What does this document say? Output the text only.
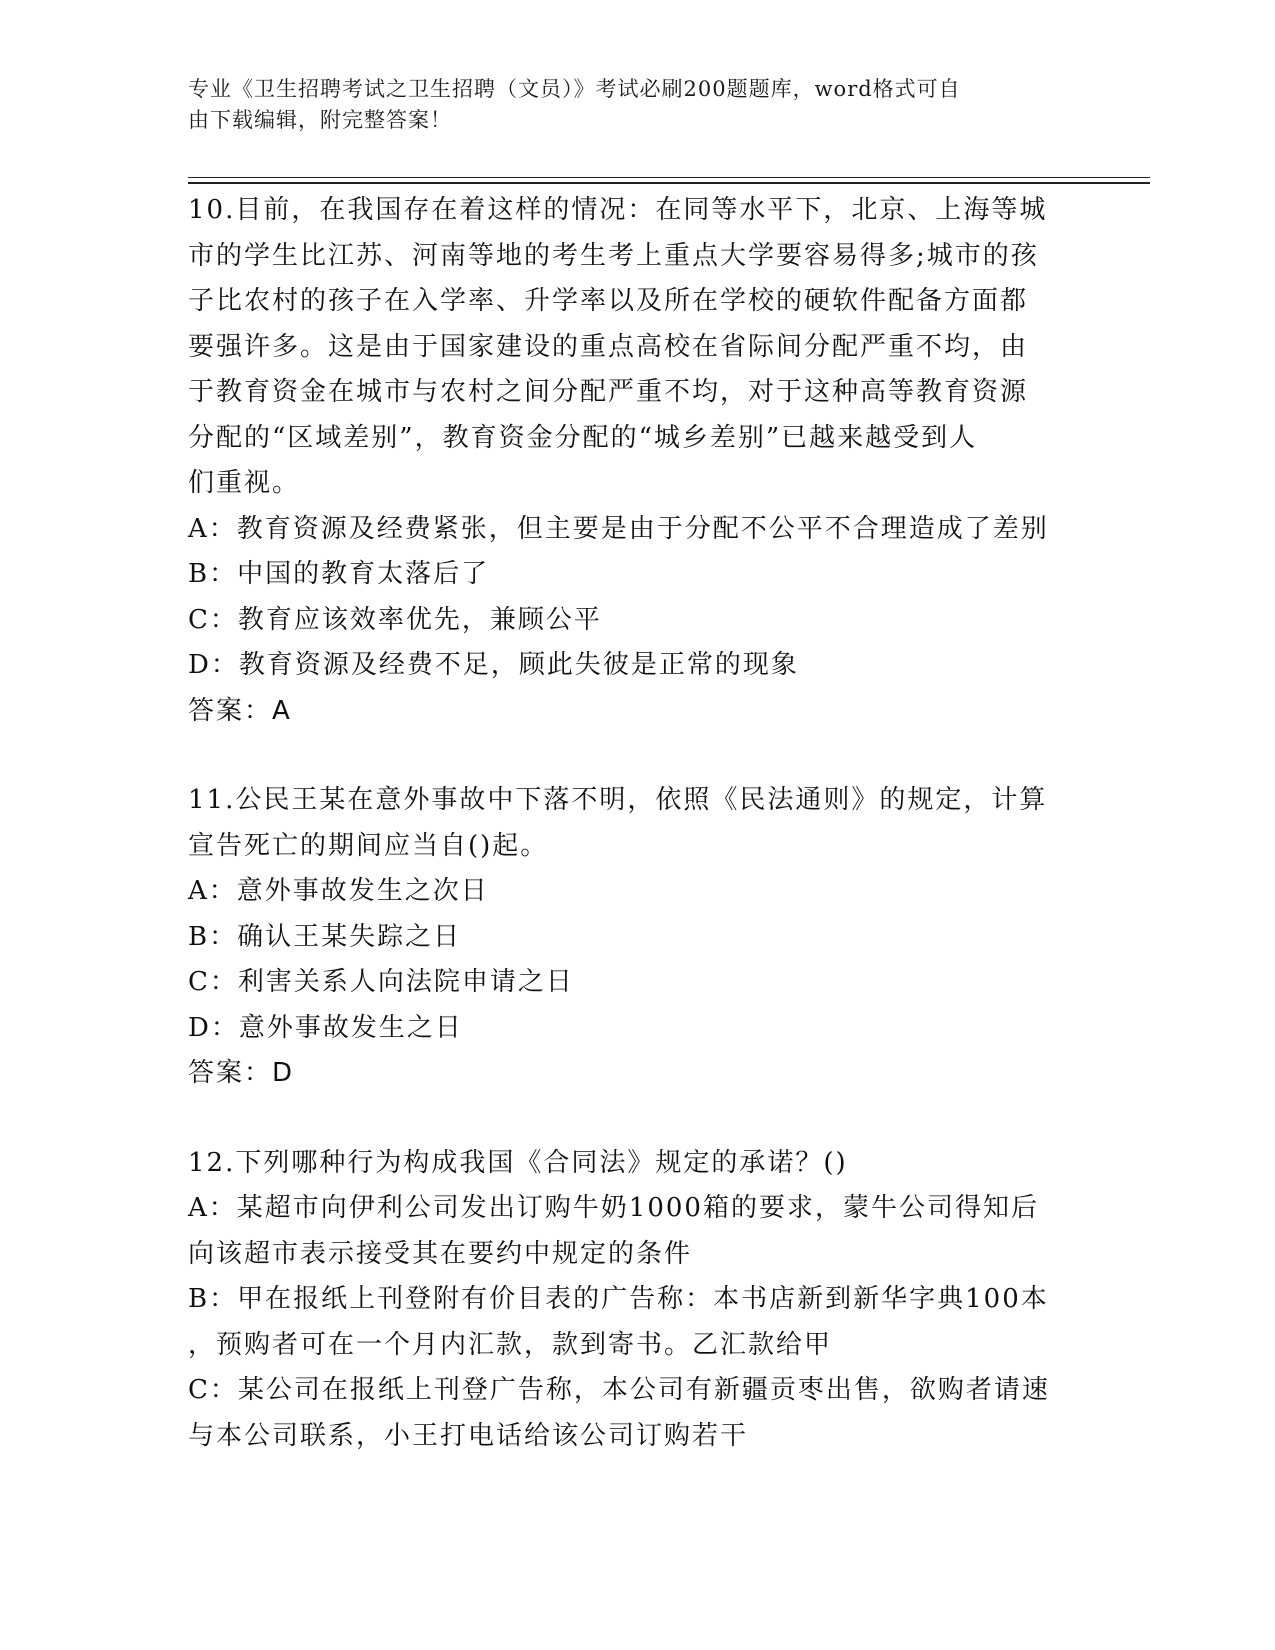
专业《卫生招聘考试之卫生招聘（文员）》考试必刷200题题库，word格式可自
由下载编辑，附完整答案！
10.目前，在我国存在着这样的情况：在同等水平下，北京、上海等城
市的学生比江苏、河南等地的考生考上重点大学要容易得多;城市的孩
子比农村的孩子在入学率、升学率以及所在学校的硬软件配备方面都
要强许多。这是由于国家建设的重点高校在省际间分配严重不均，由
于教育资金在城市与农村之间分配严重不均，对于这种高等教育资源
分配的“区域差别”，教育资金分配的“城乡差别”已越来越受到人
们重视。
A：教育资源及经费紧张，但主要是由于分配不公平不合理造成了差别
B：中国的教育太落后了
C：教育应该效率优先，兼顾公平
D：教育资源及经费不足，顾此失彼是正常的现象
答案：A
11.公民王某在意外事故中下落不明，依照《民法通则》的规定，计算
宣告死亡的期间应当自()起。
A：意外事故发生之次日
B：确认王某失踪之日
C：利害关系人向法院申请之日
D：意外事故发生之日
答案：D
12.下列哪种行为构成我国《合同法》规定的承诺？()
A：某超市向伊利公司发出订购牛奶1000箱的要求，蒙牛公司得知后
向该超市表示接受其在要约中规定的条件
B：甲在报纸上刊登附有价目表的广告称：本书店新到新华字典100本
，预购者可在一个月内汇款，款到寄书。乙汇款给甲
C：某公司在报纸上刊登广告称，本公司有新疆贡枣出售，欲购者请速
与本公司联系，小王打电话给该公司订购若干
